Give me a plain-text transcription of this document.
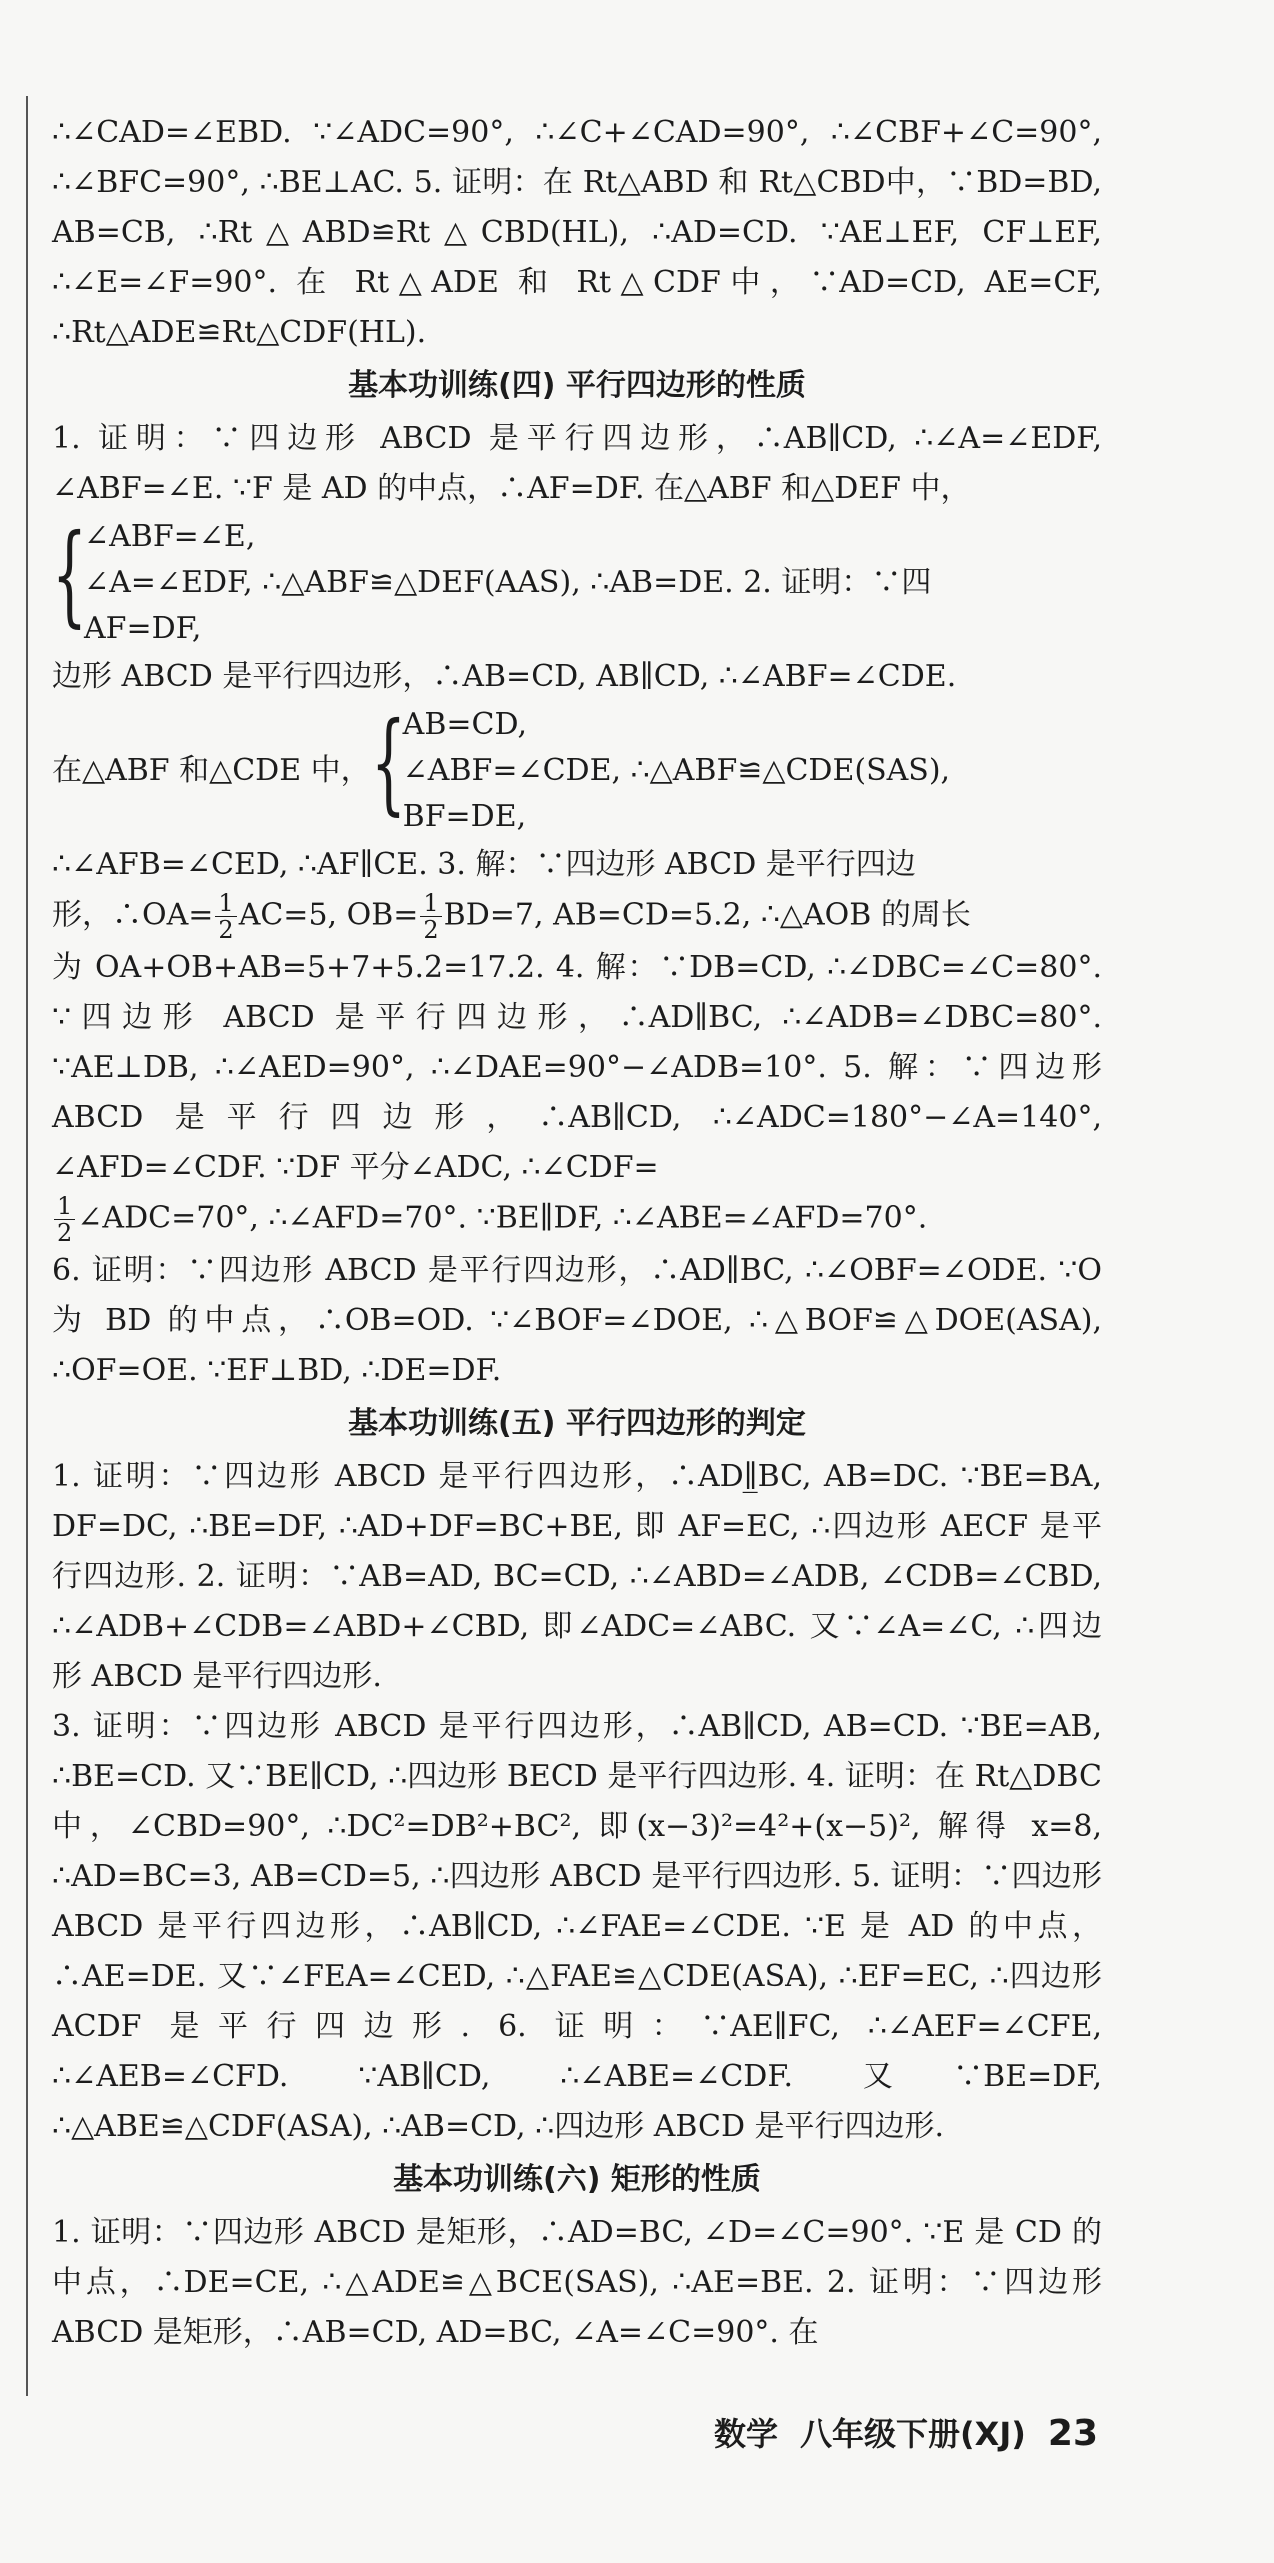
∴∠CAD=∠EBD. ∵∠ADC=90°, ∴∠C+∠CAD=90°, ∴∠CBF+∠C=90°, ∴∠BFC=90°, ∴BE⊥AC. 5. 证明：在 Rt△ABD 和 Rt△CBD中，∵BD=BD, AB=CB, ∴Rt△ABD≌Rt△CBD(HL), ∴AD=CD. ∵AE⊥EF, CF⊥EF, ∴∠E=∠F=90°. 在 Rt△ADE 和 Rt△CDF中，∵AD=CD, AE=CF, ∴Rt△ADE≌Rt△CDF(HL).

基本功训练(四) 平行四边形的性质

1. 证明：∵四边形 ABCD 是平行四边形，∴AB∥CD, ∴∠A=∠EDF, ∠ABF=∠E. ∵F 是 AD 的中点，∴AF=DF. 在△ABF 和△DEF 中，

{
∠ABF=∠E,
∠A=∠EDF, ∴△ABF≌△DEF(AAS), ∴AB=DE. 2. 证明：∵四
AF=DF,

边形 ABCD 是平行四边形，∴AB=CD, AB∥CD, ∴∠ABF=∠CDE.

在△ABF 和△CDE 中， {
AB=CD,
∠ABF=∠CDE, ∴△ABF≌△CDE(SAS),
BF=DE,

∴∠AFB=∠CED, ∴AF∥CE. 3. 解：∵四边形 ABCD 是平行四边

形，∴OA= $\frac{1}{2} AC=5$, $OB= \frac{1}{2} BD=7$, AB=CD=5.2, ∴△AOB 的周长

为 OA+OB+AB=5+7+5.2=17.2. 4. 解：∵DB=CD, ∴∠DBC=∠C=80°. ∵四边形 ABCD 是平行四边形，∴AD∥BC, ∴∠ADB=∠DBC=80°. ∵AE⊥DB, ∴∠AED=90°, ∴∠DAE=90°−∠ADB=10°. 5. 解：∵四边形 ABCD 是平行四边形，∴AB∥CD, ∴∠ADC=180°−∠A=140°, ∠AFD=∠CDF. ∵DF 平分∠ADC, ∴∠CDF=

$\frac{1}{2}$ ∠ADC=70°, ∴∠AFD=70°. ∵BE∥DF, ∴∠ABE=∠AFD=70°.

6. 证明：∵四边形 ABCD 是平行四边形，∴AD∥BC, ∴∠OBF=∠ODE. ∵O 为 BD 的中点，∴OB=OD. ∵∠BOF=∠DOE, ∴△BOF≌△DOE(ASA), ∴OF=OE. ∵EF⊥BD, ∴DE=DF.

基本功训练(五) 平行四边形的判定

1. 证明：∵四边形 ABCD 是平行四边形，∴AD∥̲BC, AB=DC. ∵BE=BA, DF=DC, ∴BE=DF, ∴AD+DF=BC+BE, 即 AF=EC, ∴四边形 AECF 是平行四边形. 2. 证明：∵AB=AD, BC=CD, ∴∠ABD=∠ADB, ∠CDB=∠CBD, ∴∠ADB+∠CDB=∠ABD+∠CBD, 即∠ADC=∠ABC. 又∵∠A=∠C, ∴四边形 ABCD 是平行四边形.

3. 证明：∵四边形 ABCD 是平行四边形，∴AB∥CD, AB=CD. ∵BE=AB, ∴BE=CD. 又∵BE∥CD, ∴四边形 BECD 是平行四边形. 4. 证明：在 Rt△DBC 中，∠CBD=90°, ∴DC²=DB²+BC², 即(x−3)²=4²+(x−5)², 解得 x=8, ∴AD=BC=3, AB=CD=5, ∴四边形 ABCD 是平行四边形. 5. 证明：∵四边形 ABCD 是平行四边形，∴AB∥CD, ∴∠FAE=∠CDE. ∵E 是 AD 的中点，∴AE=DE. 又∵∠FEA=∠CED, ∴△FAE≌△CDE(ASA), ∴EF=EC, ∴四边形 ACDF 是平行四边形. 6. 证明：∵AE∥FC, ∴∠AEF=∠CFE, ∴∠AEB=∠CFD. ∵AB∥CD, ∴∠ABE=∠CDF. 又∵BE=DF, ∴△ABE≌△CDF(ASA), ∴AB=CD, ∴四边形 ABCD 是平行四边形.

基本功训练(六) 矩形的性质

1. 证明：∵四边形 ABCD 是矩形，∴AD=BC, ∠D=∠C=90°. ∵E 是 CD 的中点，∴DE=CE, ∴△ADE≌△BCE(SAS), ∴AE=BE. 2. 证明：∵四边形 ABCD 是矩形，∴AB=CD, AD=BC, ∠A=∠C=90°. 在

数学 八年级下册(XJ) 23
